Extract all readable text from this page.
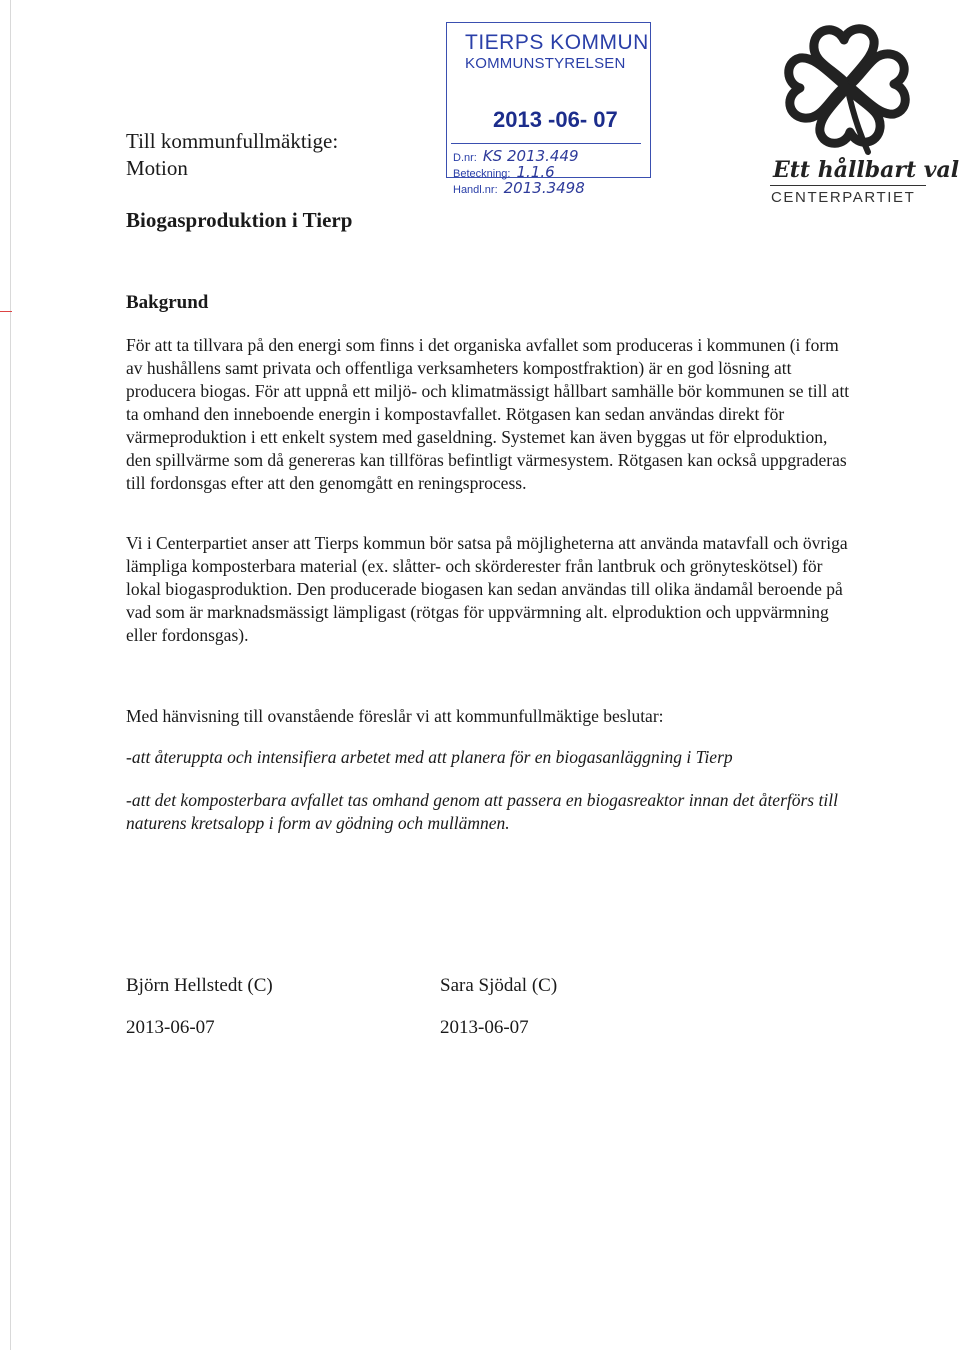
Till kommunfullmäktige:
Motion
Biogasproduktion i Tierp
TIERPS KOMMUN
KOMMUNSTYRELSEN
2013 -06- 07
D.nr: KS 2013.449
Beteckning: 1.1.6
Handl.nr: 2013.3498
Ett hållbart val
CENTERPARTIET
Bakgrund

För att ta tillvara på den energi som finns i det organiska avfallet som produceras i kommunen (i form av hushållens samt privata och offentliga verksamheters kompostfraktion) är en god lösning att producera biogas. För att uppnå ett miljö- och klimatmässigt hållbart samhälle bör kommunen se till att ta omhand den inneboende energin i kompostavfallet. Rötgasen kan sedan användas direkt för värmeproduktion i ett enkelt system med gaseldning. Systemet kan även byggas ut för elproduktion, den spillvärme som då genereras kan tillföras befintligt värmesystem. Rötgasen kan också uppgraderas till fordonsgas efter att den genomgått en reningsprocess.

Vi i Centerpartiet anser att Tierps kommun bör satsa på möjligheterna att använda matavfall och övriga lämpliga komposterbara material (ex. slåtter- och skörderester från lantbruk och grönyteskötsel) för lokal biogasproduktion. Den producerade biogasen kan sedan användas till olika ändamål beroende på vad som är marknadsmässigt lämpligast (rötgas för uppvärmning alt. elproduktion och uppvärmning eller fordonsgas).

Med hänvisning till ovanstående föreslår vi att kommunfullmäktige beslutar:

-att återuppta och intensifiera arbetet med att planera för en biogasanläggning i Tierp

-att det komposterbara avfallet tas omhand genom att passera en biogasreaktor innan det återförs till naturens kretsalopp i form av gödning och mullämnen.

Björn Hellstedt (C)
2013-06-07
Sara Sjödal (C)
2013-06-07
